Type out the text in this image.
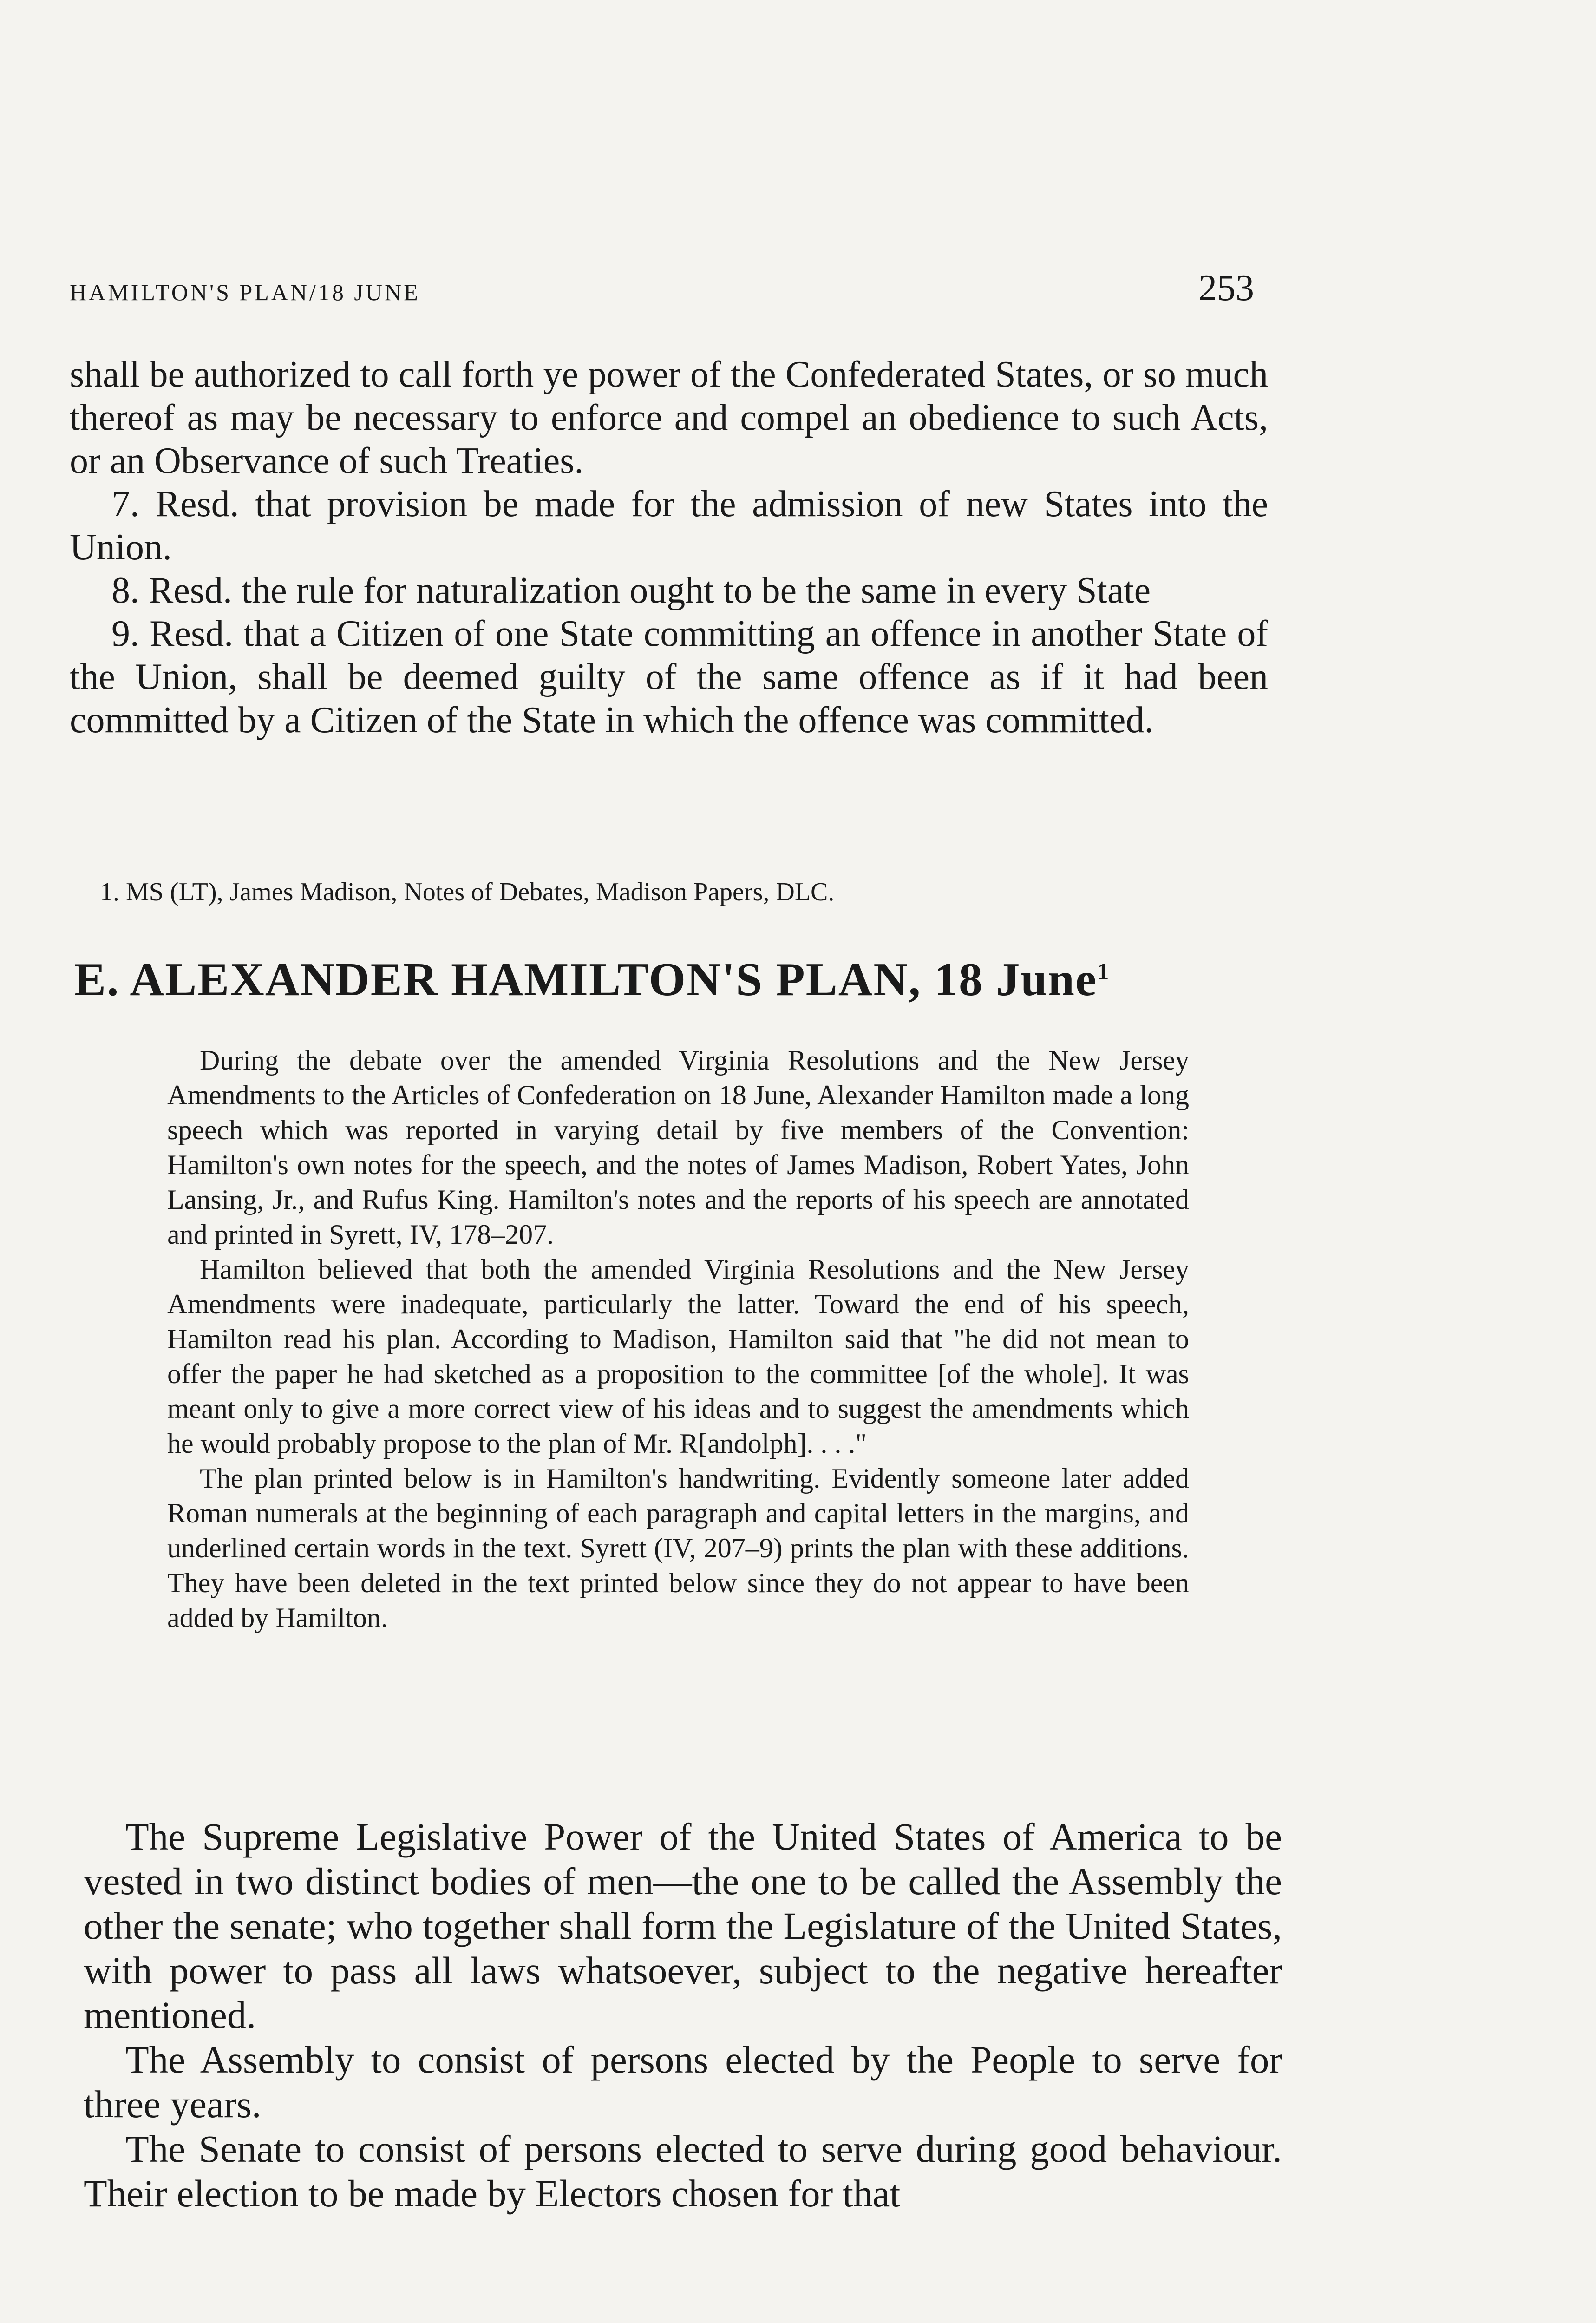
HAMILTON'S PLAN/18 JUNE	253

shall be authorized to call forth ye power of the Confederated States, or so much thereof as may be necessary to enforce and compel an obedience to such Acts, or an Observance of such Treaties.

7. Resd. that provision be made for the admission of new States into the Union.

8. Resd. the rule for naturalization ought to be the same in every State

9. Resd. that a Citizen of one State committing an offence in another State of the Union, shall be deemed guilty of the same offence as if it had been committed by a Citizen of the State in which the offence was committed.

1. MS (LT), James Madison, Notes of Debates, Madison Papers, DLC.
E. ALEXANDER HAMILTON'S PLAN, 18 June$^1$

During the debate over the amended Virginia Resolutions and the New Jersey Amendments to the Articles of Confederation on 18 June, Alexander Hamilton made a long speech which was reported in varying detail by five members of the Convention: Hamilton's own notes for the speech, and the notes of James Madison, Robert Yates, John Lansing, Jr., and Rufus King. Hamilton's notes and the reports of his speech are annotated and printed in Syrett, IV, 178–207.

Hamilton believed that both the amended Virginia Resolutions and the New Jersey Amendments were inadequate, particularly the latter. Toward the end of his speech, Hamilton read his plan. According to Madison, Hamilton said that "he did not mean to offer the paper he had sketched as a proposition to the committee [of the whole]. It was meant only to give a more correct view of his ideas and to suggest the amendments which he would probably propose to the plan of Mr. R[andolph]. . . ."

The plan printed below is in Hamilton's handwriting. Evidently someone later added Roman numerals at the beginning of each paragraph and capital letters in the margins, and underlined certain words in the text. Syrett (IV, 207–9) prints the plan with these additions. They have been deleted in the text printed below since they do not appear to have been added by Hamilton.

The Supreme Legislative Power of the United States of America to be vested in two distinct bodies of men—the one to be called the Assembly the other the senate; who together shall form the Legislature of the United States, with power to pass all laws whatsoever, subject to the negative hereafter mentioned.

The Assembly to consist of persons elected by the People to serve for three years.

The Senate to consist of persons elected to serve during good behaviour. Their election to be made by Electors chosen for that
